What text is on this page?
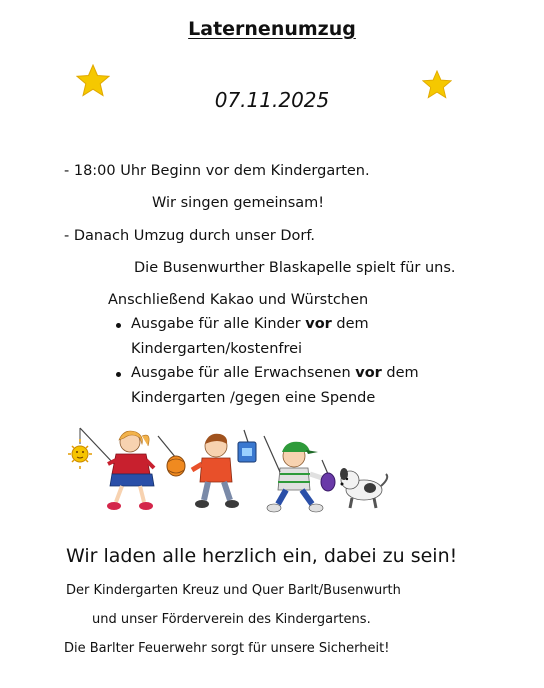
Laternenumzug
07.11.2025
- 18:00 Uhr Beginn vor dem Kindergarten.
Wir singen gemeinsam!
- Danach Umzug durch unser Dorf.
Die Busenwurther Blaskapelle spielt für uns.
Anschließend Kakao und Würstchen
Ausgabe für alle Kinder vor dem
Kindergarten/kostenfrei
Ausgabe für alle Erwachsenen vor dem
Kindergarten /gegen eine Spende
Wir laden alle herzlich ein, dabei zu sein!
Der Kindergarten Kreuz und Quer Barlt/Busenwurth
und unser Förderverein des Kindergartens.
Die Barlter Feuerwehr sorgt für unsere Sicherheit!
